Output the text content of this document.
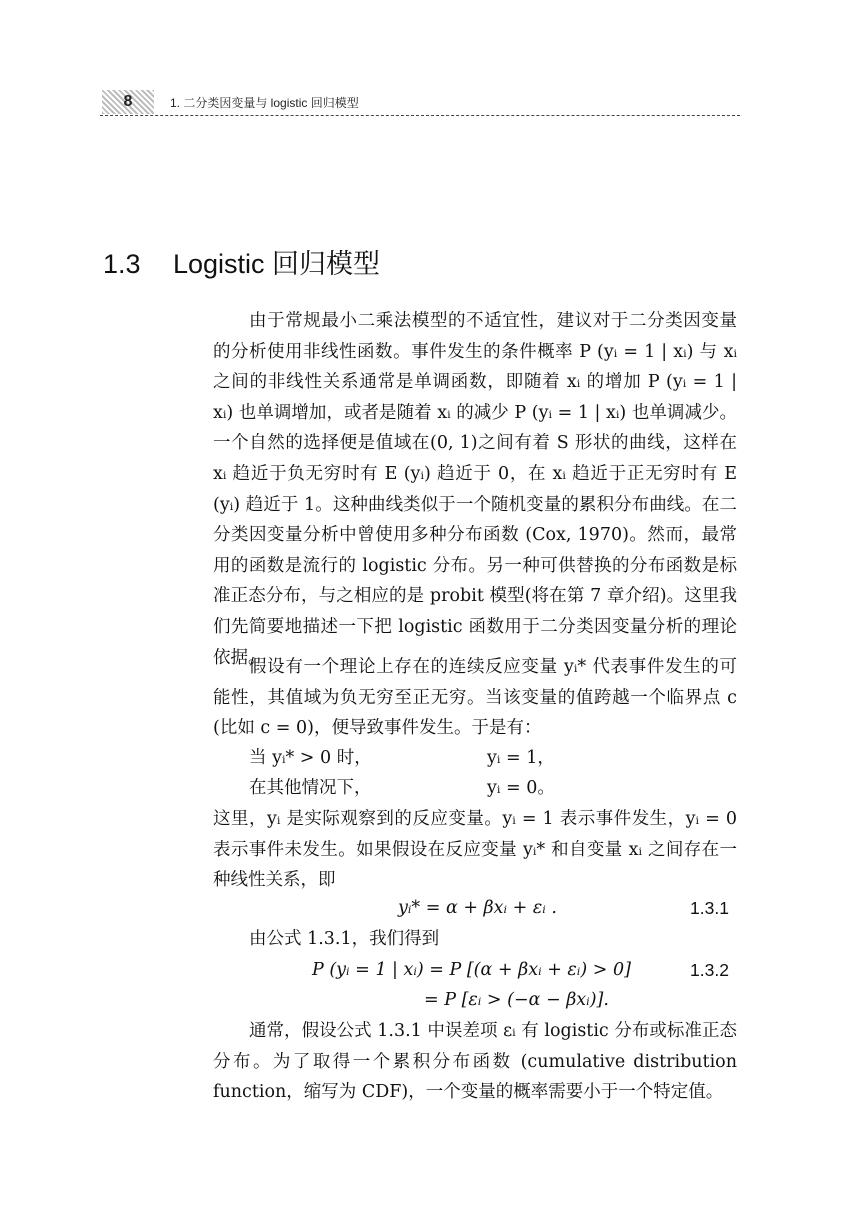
8	1. 二分类因变量与 logistic 回归模型
1.3 Logistic 回归模型

由于常规最小二乘法模型的不适宜性，建议对于二分类因变量的分析使用非线性函数。事件发生的条件概率 P (yᵢ = 1 | xᵢ) 与 xᵢ 之间的非线性关系通常是单调函数，即随着 xᵢ 的增加 P (yᵢ = 1 | xᵢ) 也单调增加，或者是随着 xᵢ 的减少 P (yᵢ = 1 | xᵢ) 也单调减少。一个自然的选择便是值域在(0, 1)之间有着 S 形状的曲线，这样在 xᵢ 趋近于负无穷时有 E (yᵢ) 趋近于 0，在 xᵢ 趋近于正无穷时有 E (yᵢ) 趋近于 1。这种曲线类似于一个随机变量的累积分布曲线。在二分类因变量分析中曾使用多种分布函数 (Cox, 1970)。然而，最常用的函数是流行的 logistic 分布。另一种可供替换的分布函数是标准正态分布，与之相应的是 probit 模型(将在第 7 章介绍)。这里我们先简要地描述一下把 logistic 函数用于二分类因变量分析的理论依据。

假设有一个理论上存在的连续反应变量 yᵢ* 代表事件发生的可能性，其值域为负无穷至正无穷。当该变量的值跨越一个临界点 c (比如 c = 0)，便导致事件发生。于是有：

当 yᵢ* > 0 时，	yᵢ = 1，
在其他情况下，	yᵢ = 0。

这里，yᵢ 是实际观察到的反应变量。yᵢ = 1 表示事件发生，yᵢ = 0 表示事件未发生。如果假设在反应变量 yᵢ* 和自变量 xᵢ 之间存在一种线性关系，即

yᵢ* = α + βxᵢ + εᵢ .	1.3.1

由公式 1.3.1，我们得到

P (yᵢ = 1 | xᵢ) = P [(α + βxᵢ + εᵢ) > 0]	1.3.2
= P [εᵢ > (−α − βxᵢ)].

通常，假设公式 1.3.1 中误差项 εᵢ 有 logistic 分布或标准正态分布。为了取得一个累积分布函数 (cumulative distribution function，缩写为 CDF)，一个变量的概率需要小于一个特定值。
